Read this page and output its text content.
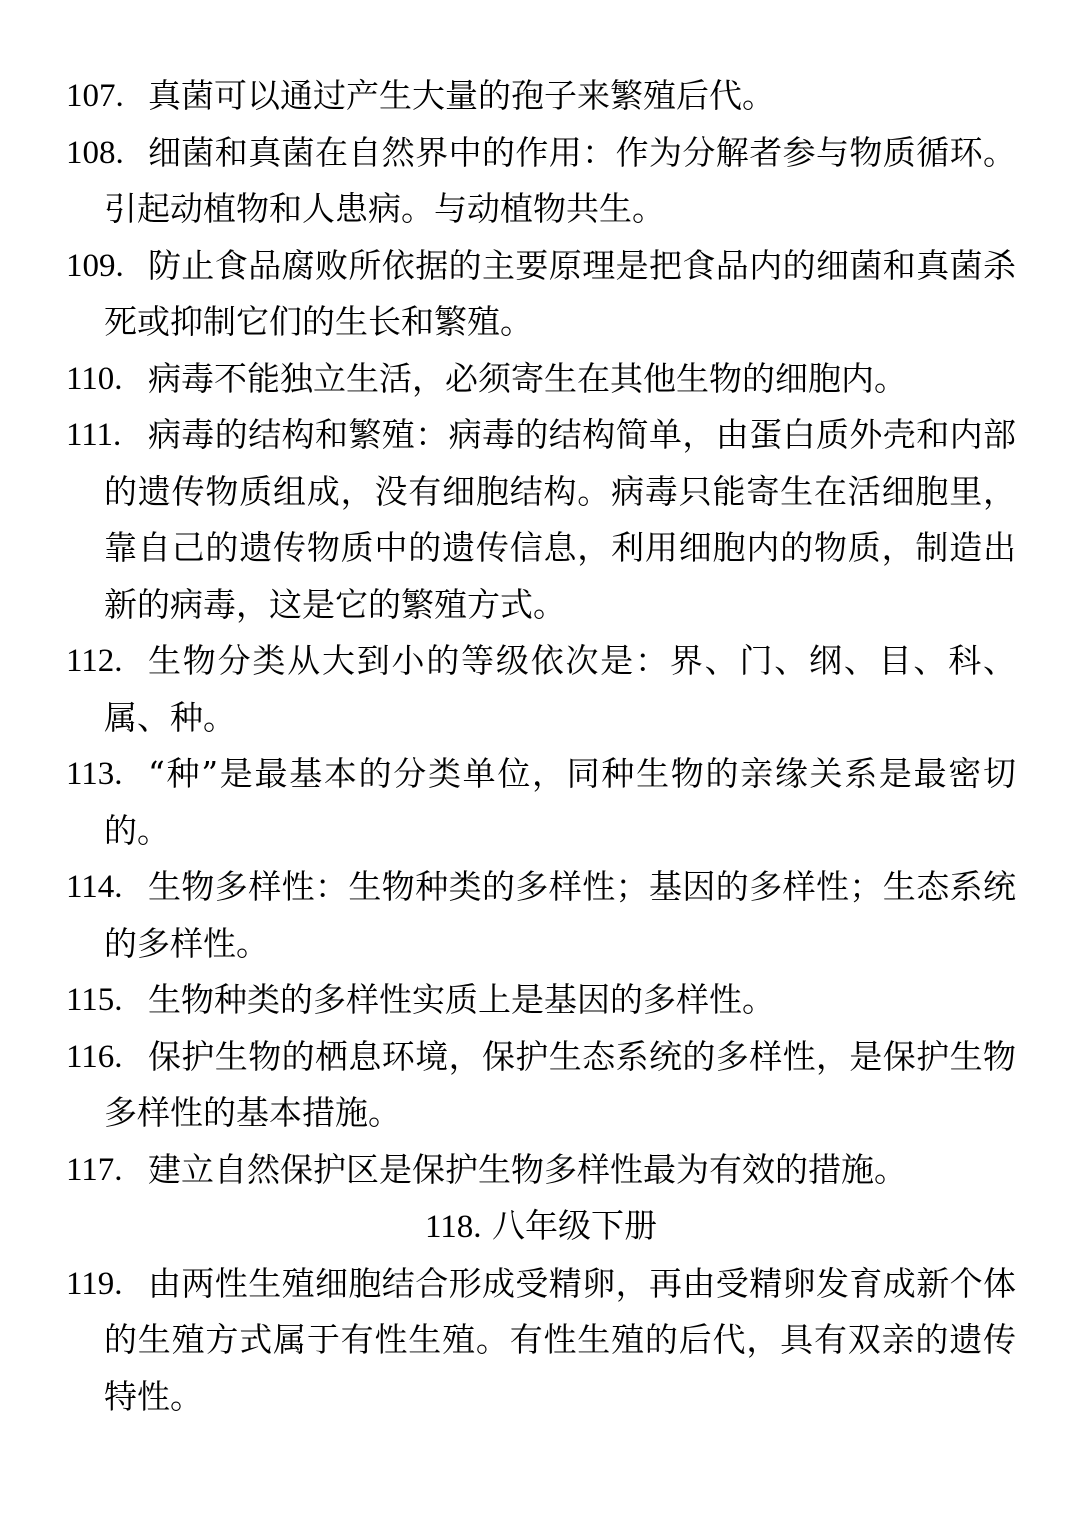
107. 真菌可以通过产生大量的孢子来繁殖后代。
108. 细菌和真菌在自然界中的作用：作为分解者参与物质循环。引起动植物和人患病。与动植物共生。
109. 防止食品腐败所依据的主要原理是把食品内的细菌和真菌杀死或抑制它们的生长和繁殖。
110. 病毒不能独立生活，必须寄生在其他生物的细胞内。
111. 病毒的结构和繁殖：病毒的结构简单，由蛋白质外壳和内部的遗传物质组成，没有细胞结构。病毒只能寄生在活细胞里，靠自己的遗传物质中的遗传信息，利用细胞内的物质，制造出新的病毒，这是它的繁殖方式。
112. 生物分类从大到小的等级依次是：界、门、纲、目、科、属、种。
113. “种”是最基本的分类单位，同种生物的亲缘关系是最密切的。
114. 生物多样性：生物种类的多样性；基因的多样性；生态系统的多样性。
115. 生物种类的多样性实质上是基因的多样性。
116. 保护生物的栖息环境，保护生态系统的多样性，是保护生物多样性的基本措施。
117. 建立自然保护区是保护生物多样性最为有效的措施。
118. 八年级下册
119. 由两性生殖细胞结合形成受精卵，再由受精卵发育成新个体的生殖方式属于有性生殖。有性生殖的后代，具有双亲的遗传特性。
